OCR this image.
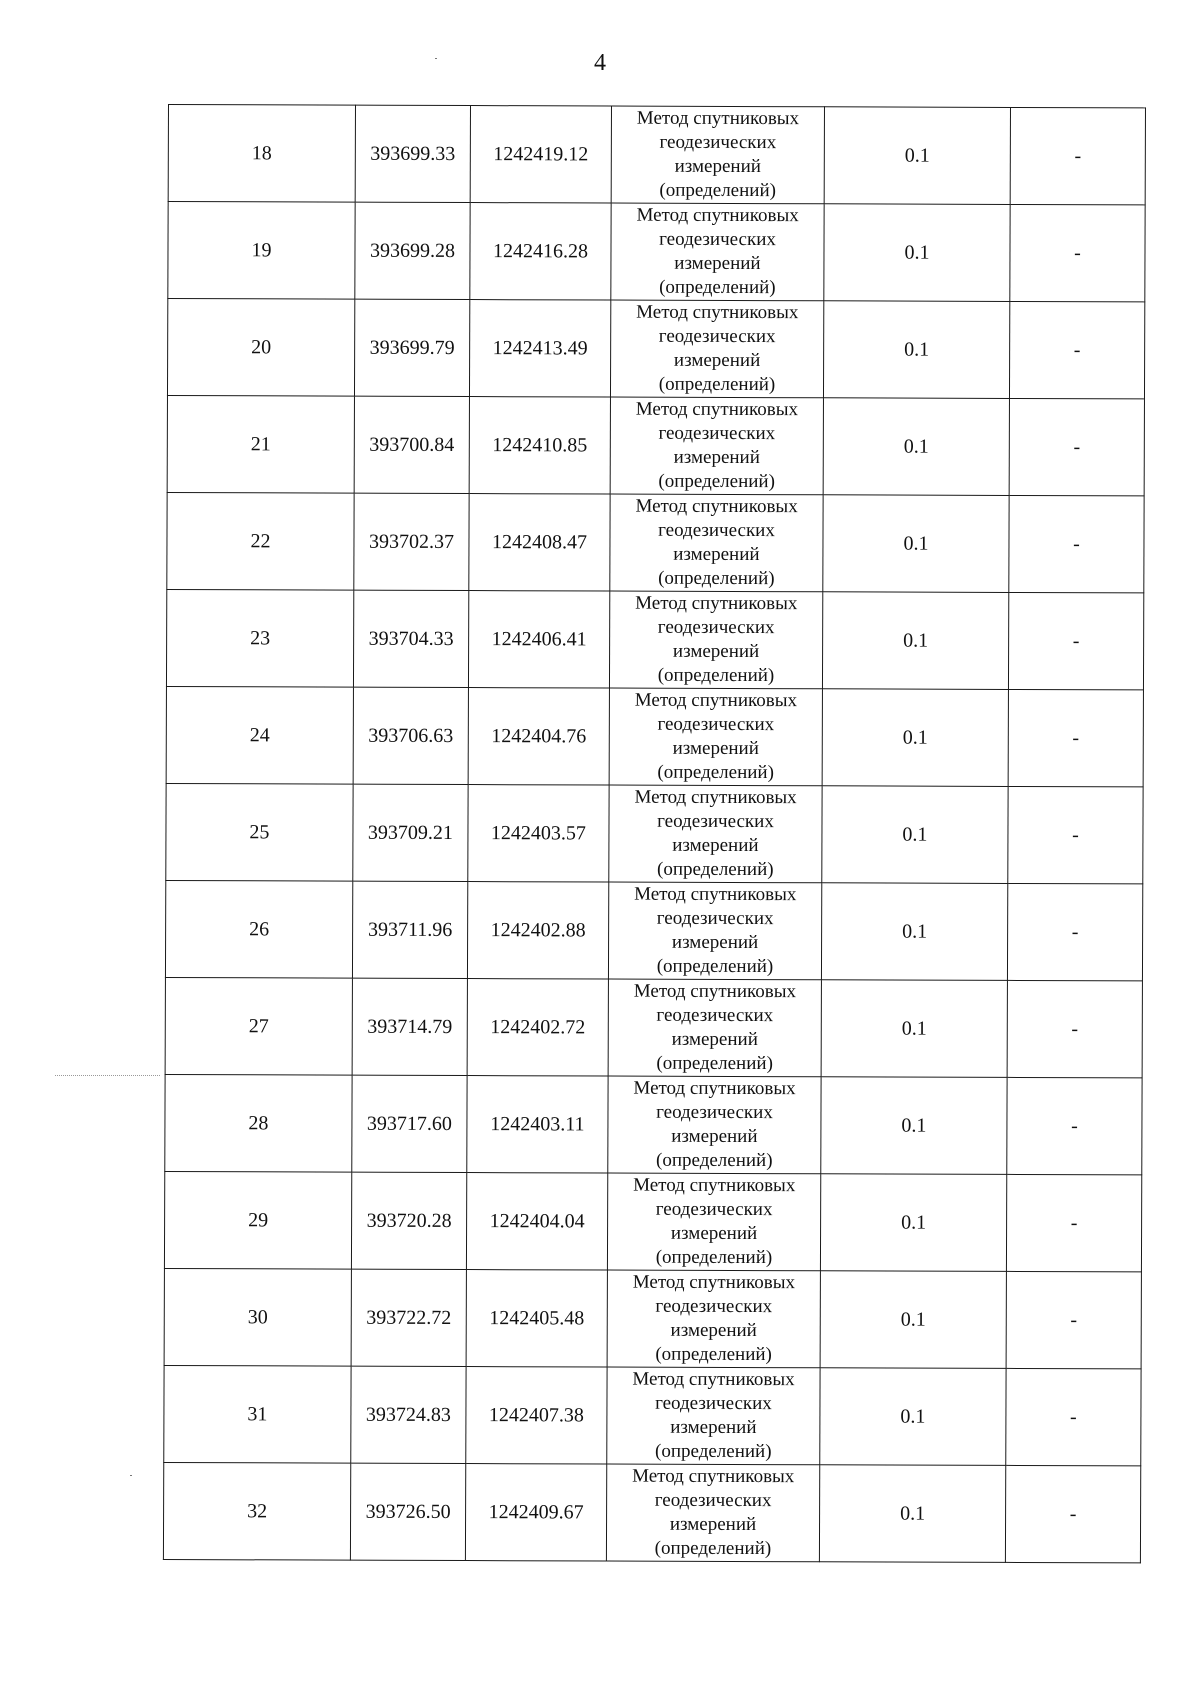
4
18	393699.33	1242419.12	Метод спутниковых
геодезических
измерений
(определений)	0.1	-
19	393699.28	1242416.28	Метод спутниковых
геодезических
измерений
(определений)	0.1	-
20	393699.79	1242413.49	Метод спутниковых
геодезических
измерений
(определений)	0.1	-
21	393700.84	1242410.85	Метод спутниковых
геодезических
измерений
(определений)	0.1	-
22	393702.37	1242408.47	Метод спутниковых
геодезических
измерений
(определений)	0.1	-
23	393704.33	1242406.41	Метод спутниковых
геодезических
измерений
(определений)	0.1	-
24	393706.63	1242404.76	Метод спутниковых
геодезических
измерений
(определений)	0.1	-
25	393709.21	1242403.57	Метод спутниковых
геодезических
измерений
(определений)	0.1	-
26	393711.96	1242402.88	Метод спутниковых
геодезических
измерений
(определений)	0.1	-
27	393714.79	1242402.72	Метод спутниковых
геодезических
измерений
(определений)	0.1	-
28	393717.60	1242403.11	Метод спутниковых
геодезических
измерений
(определений)	0.1	-
29	393720.28	1242404.04	Метод спутниковых
геодезических
измерений
(определений)	0.1	-
30	393722.72	1242405.48	Метод спутниковых
геодезических
измерений
(определений)	0.1	-
31	393724.83	1242407.38	Метод спутниковых
геодезических
измерений
(определений)	0.1	-
32	393726.50	1242409.67	Метод спутниковых
геодезических
измерений
(определений)	0.1	-
